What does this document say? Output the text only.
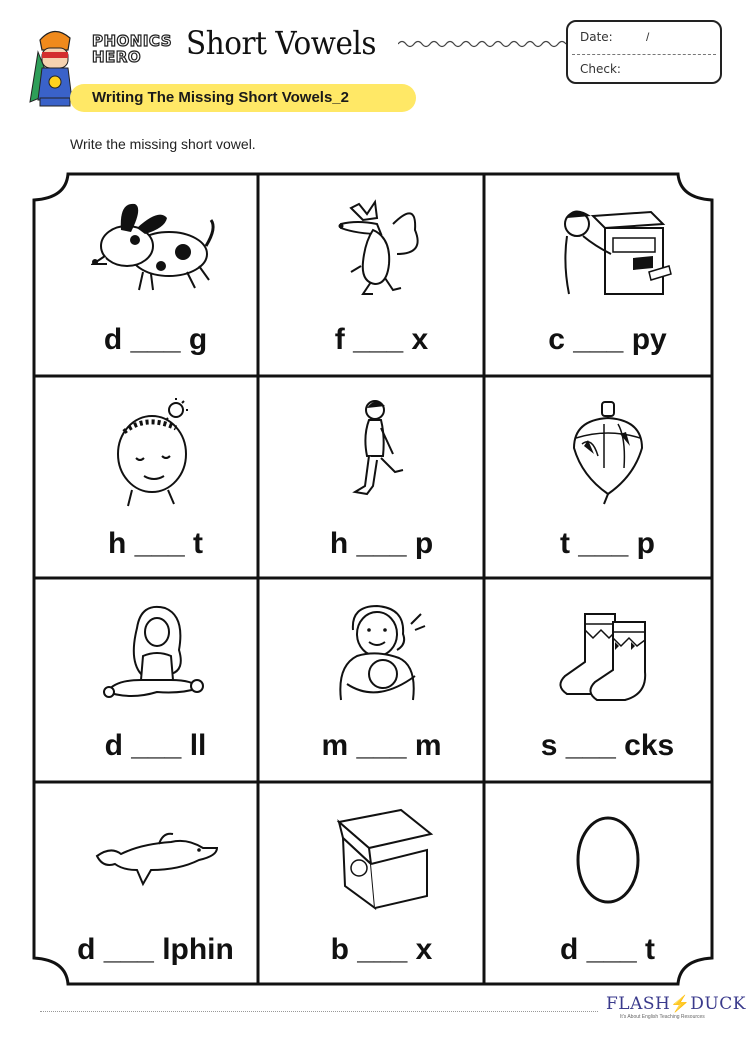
PHONICS
HERO Short Vowels	Date:	/
Check:
Writing The Missing Short Vowels_2
Write the missing short vowel.
d ___ g	f ___ x	c ___ py
h ___ t	h ___ p	t ___ p
d ___ ll	m ___ m	s ___ cks
d ___ lphin	b ___ x	d ___ t
FLASH⚡DUCK
It's About English Teaching Resources
